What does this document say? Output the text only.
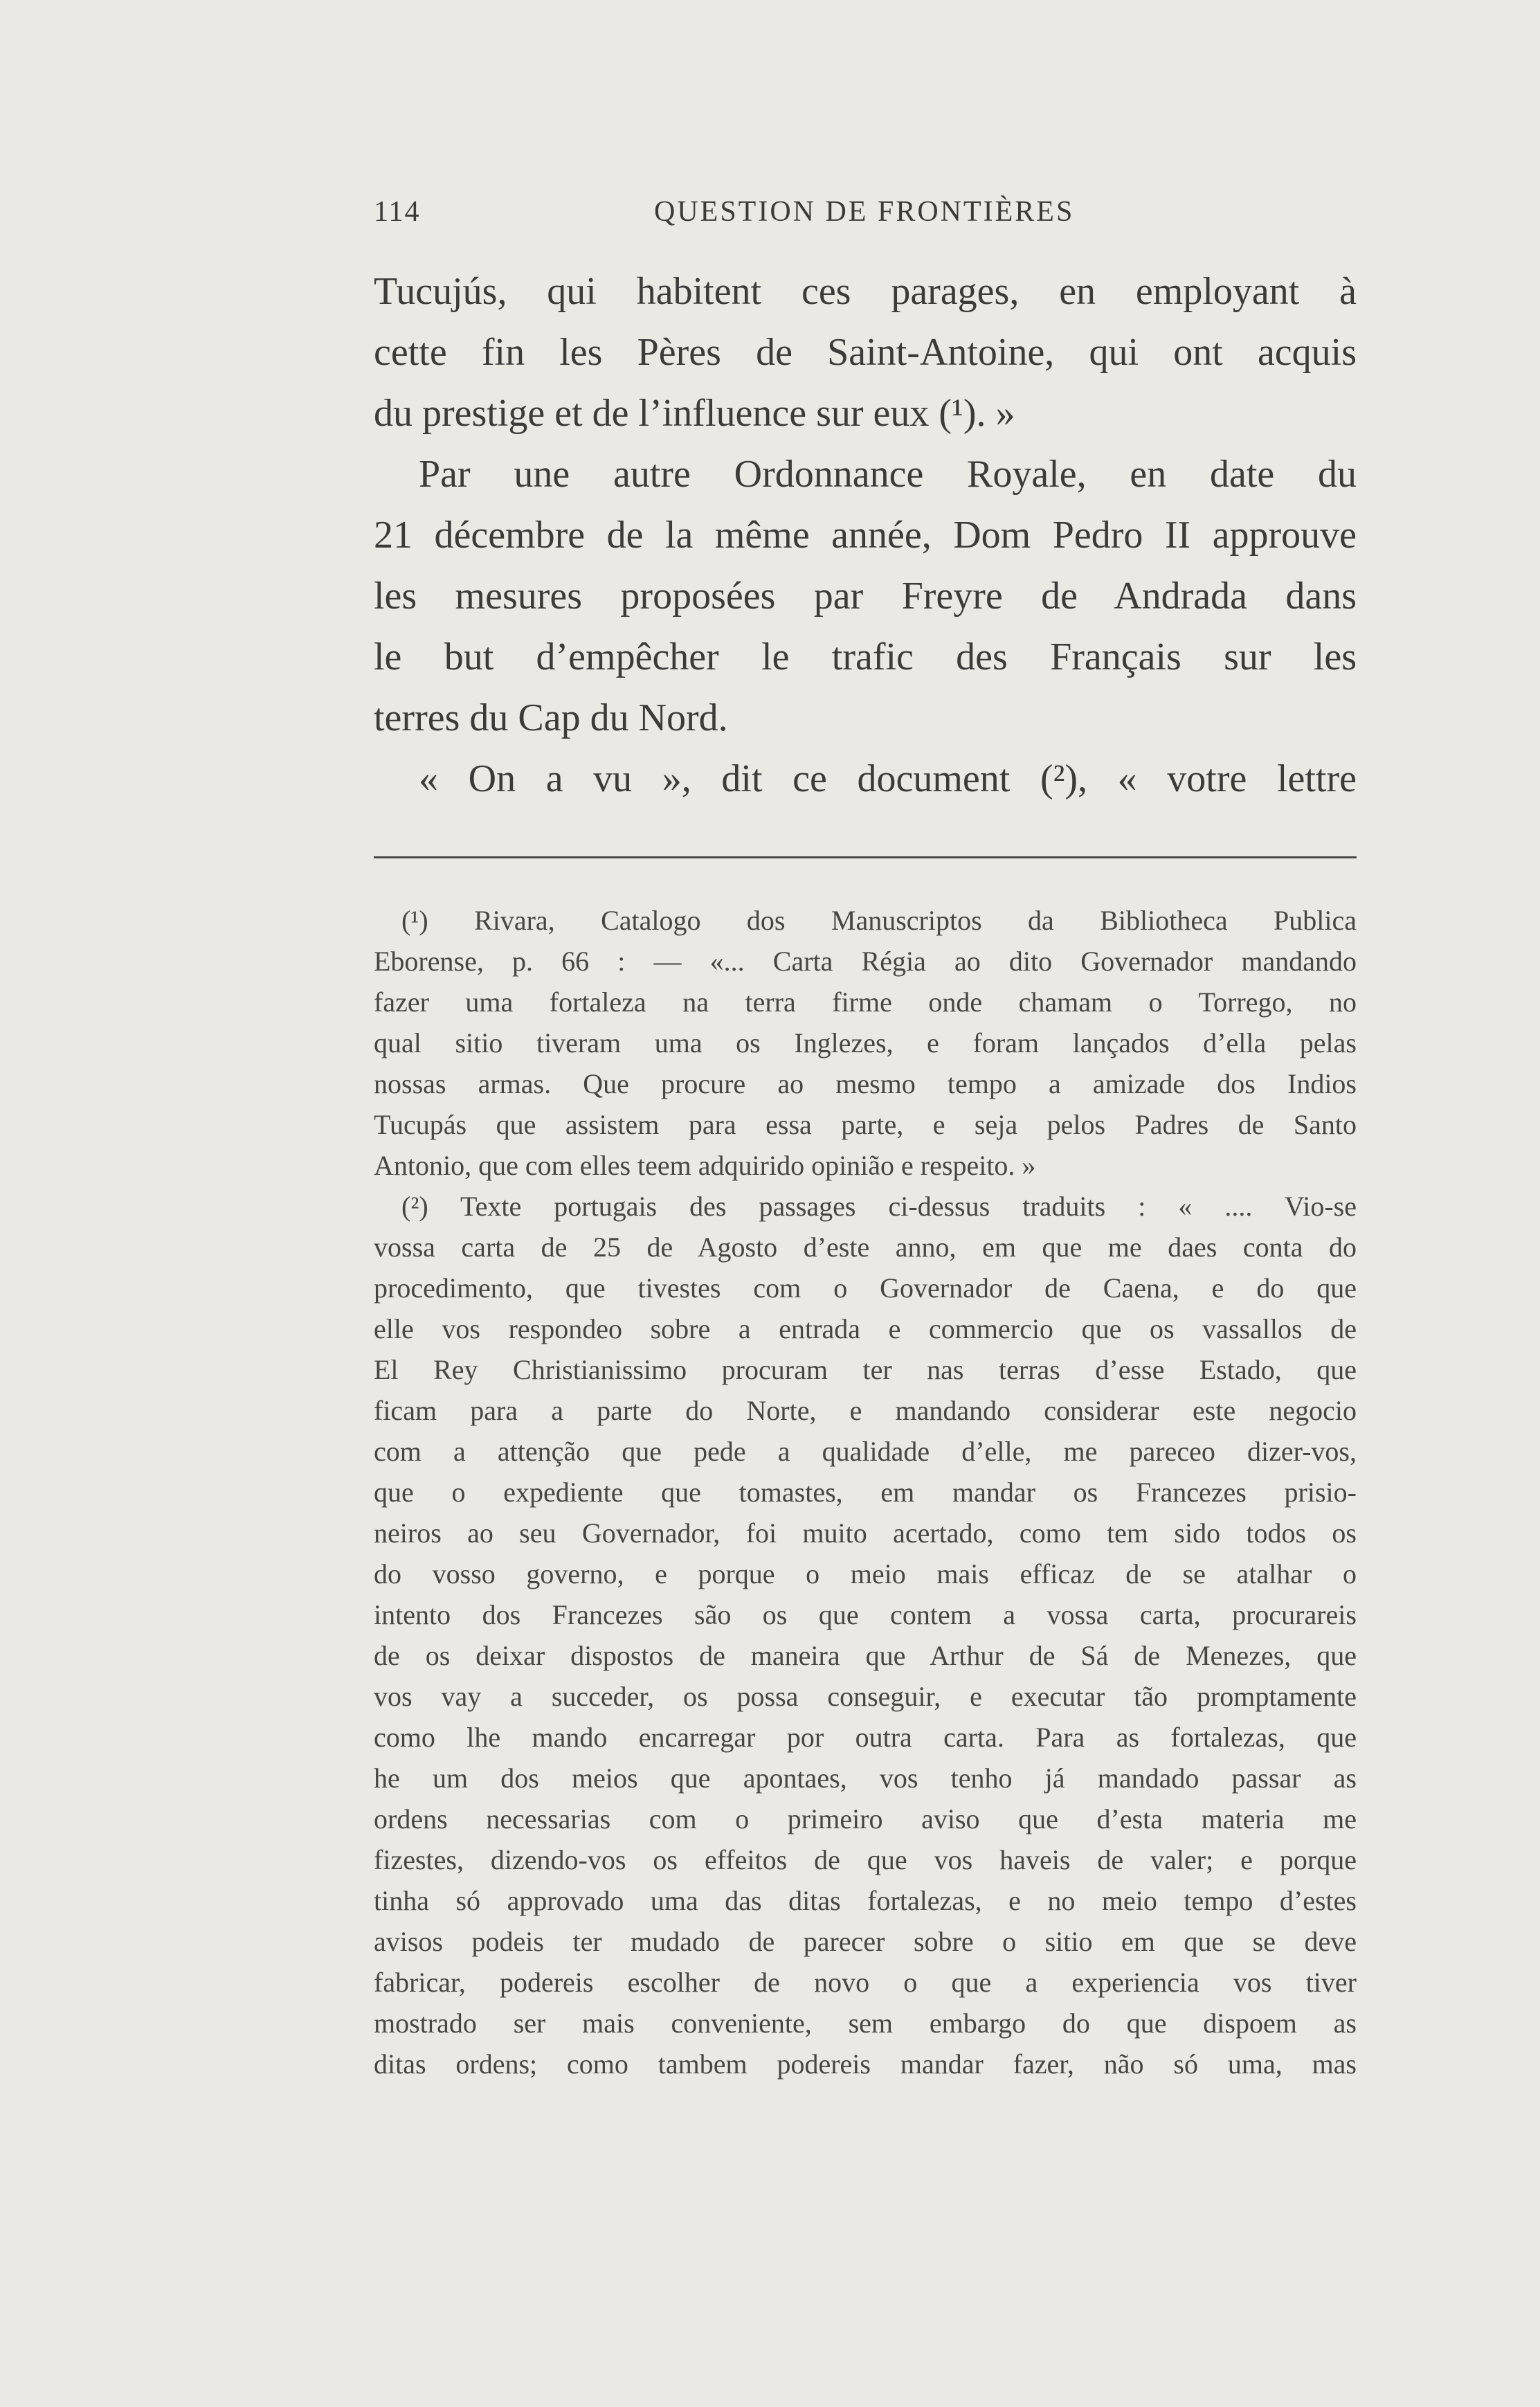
114	QUESTION DE FRONTIÈRES
Tucujús, qui habitent ces parages, en employant à
cette fin les Pères de Saint-Antoine, qui ont acquis
du prestige et de l’influence sur eux (¹). »
Par une autre Ordonnance Royale, en date du
21 décembre de la même année, Dom Pedro II approuve
les mesures proposées par Freyre de Andrada dans
le but d’empêcher le trafic des Français sur les
terres du Cap du Nord.
« On a vu », dit ce document (²), « votre lettre
(¹) Rivara, Catalogo dos Manuscriptos da Bibliotheca Publica
Eborense, p. 66 : — «... Carta Régia ao dito Governador mandando
fazer uma fortaleza na terra firme onde chamam o Torrego, no
qual sitio tiveram uma os Inglezes, e foram lançados d’ella pelas
nossas armas. Que procure ao mesmo tempo a amizade dos Indios
Tucupás que assistem para essa parte, e seja pelos Padres de Santo
Antonio, que com elles teem adquirido opinião e respeito. »
(²) Texte portugais des passages ci-dessus traduits : « .... Vio-se
vossa carta de 25 de Agosto d’este anno, em que me daes conta do
procedimento, que tivestes com o Governador de Caena, e do que
elle vos respondeo sobre a entrada e commercio que os vassallos de
El Rey Christianissimo procuram ter nas terras d’esse Estado, que
ficam para a parte do Norte, e mandando considerar este negocio
com a attenção que pede a qualidade d’elle, me pareceo dizer-vos,
que o expediente que tomastes, em mandar os Francezes prisio-
neiros ao seu Governador, foi muito acertado, como tem sido todos os
do vosso governo, e porque o meio mais efficaz de se atalhar o
intento dos Francezes são os que contem a vossa carta, procurareis
de os deixar dispostos de maneira que Arthur de Sá de Menezes, que
vos vay a succeder, os possa conseguir, e executar tão promptamente
como lhe mando encarregar por outra carta. Para as fortalezas, que
he um dos meios que apontaes, vos tenho já mandado passar as
ordens necessarias com o primeiro aviso que d’esta materia me
fizestes, dizendo-vos os effeitos de que vos haveis de valer; e porque
tinha só approvado uma das ditas fortalezas, e no meio tempo d’estes
avisos podeis ter mudado de parecer sobre o sitio em que se deve
fabricar, podereis escolher de novo o que a experiencia vos tiver
mostrado ser mais conveniente, sem embargo do que dispoem as
ditas ordens; como tambem podereis mandar fazer, não só uma, mas
